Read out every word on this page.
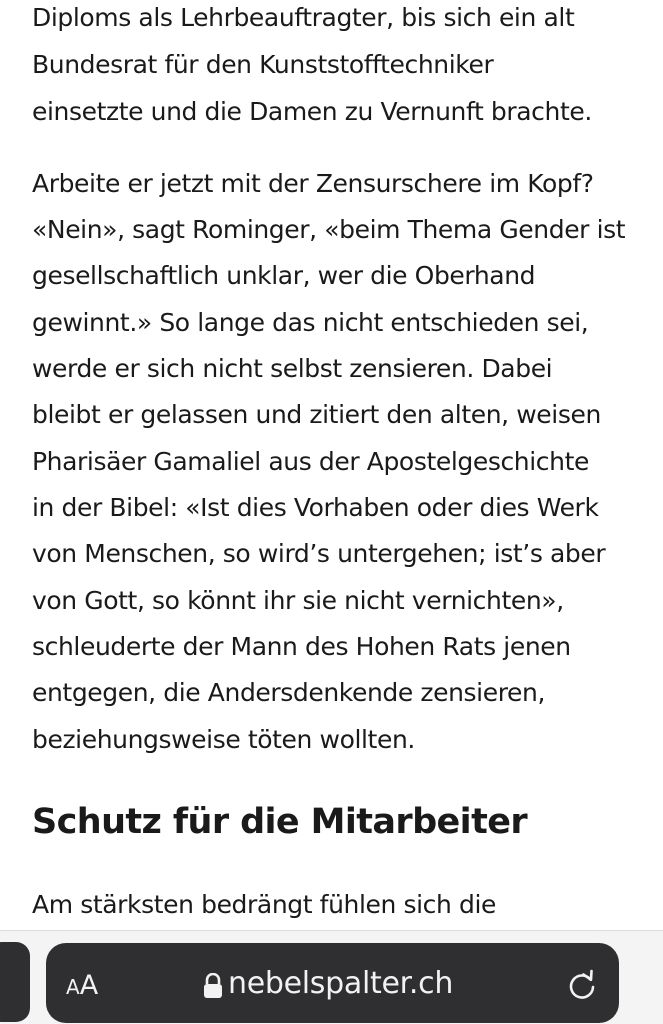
Diploms als Lehrbeauftragter, bis sich ein alt
Bundesrat für den Kunststofftechniker
einsetzte und die Damen zu Vernunft brachte.
Arbeite er jetzt mit der Zensurschere im Kopf?
«Nein», sagt Rominger, «beim Thema Gender ist
gesellschaftlich unklar, wer die Oberhand
gewinnt.» So lange das nicht entschieden sei,
werde er sich nicht selbst zensieren. Dabei
bleibt er gelassen und zitiert den alten, weisen
Pharisäer Gamaliel aus der Apostelgeschichte
in der Bibel: «Ist dies Vorhaben oder dies Werk
von Menschen, so wird’s untergehen; ist’s aber
von Gott, so könnt ihr sie nicht vernichten»,
schleuderte der Mann des Hohen Rats jenen
entgegen, die Andersdenkende zensieren,
beziehungsweise töten wollten.
Schutz für die Mitarbeiter
Am stärksten bedrängt fühlen sich die
AA	nebelspalter.ch
